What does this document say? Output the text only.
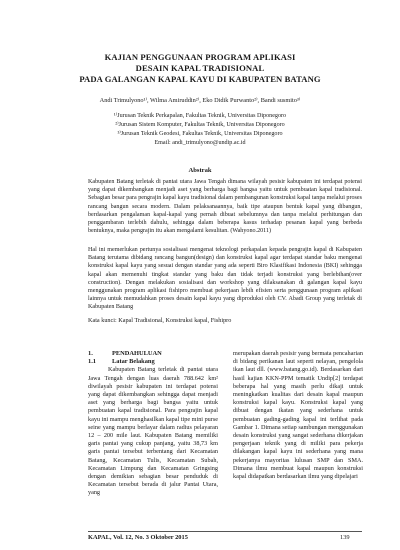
KAJIAN PENGGUNAAN PROGRAM APLIKASI
DESAIN KAPAL TRADISIONAL
PADA GALANGAN KAPAL KAYU DI KABUPATEN BATANG
Andi Trimulyono¹⁾, Wilma Amiruddin²⁾, Eko Didik Purwanto²⁾, Bandi susmito³⁾
¹⁾Jurusan Teknik Perkapalan, Fakultas Teknik, Universitas Diponegoro
²⁾Jurusan Sistem Komputer, Fakultas Teknik, Universitas Diponegoro
³⁾Jurusan Teknik Geodesi, Fakultas Teknik, Universitas Diponegoro
Email: andi_trimulyono@undip.ac.id
Abstrak
Kabupaten Batang terletak di pantai utara Jawa Tengah dimana wilayah pesisir kabupaten ini terdapat potensi yang dapat dikembangkan menjadi aset yang berharga bagi bangsa yaitu untuk pembuatan kapal tradisional. Sebagian besar para pengrajin kapal kayu tradisional dalam pembangunan konstruksi kapal tanpa melalui proses rancang bangun secara modern. Dalam pelaksanaannya, baik tipe ataupun bentuk kapal yang dibangun, berdasarkan pengalaman kapal-kapal yang pernah dibuat sebelumnya dan tanpa melalui perhitungan dan penggambaran terlebih dahulu, sehingga dalam beberapa kasus terhadap pesanan kapal yang berbeda bentuknya, maka pengrajin itu akan mengalami kesulitan. (Wahyono.2011)
Hal ini memerlukan pertunya sosialisasi mengenai teknologi perkapalan kepada pengrajin kapal di Kabupaten Batang terutama dibidang rancang bangun(design) dan konstruksi kapal agar terdapat standar baku mengenai konstruksi kapal kayu yang sesuai dengan standar yang ada seperti Biro Klasifikasi Indonesia (BKI) sehingga kapal akan memenuhi tingkat standar yang baku dan tidak terjadi konstruksi yang berlebihan(over construction). Dengan melakukan sosialisasi dan workshop yang dilaksanakan di galangan kapal kayu menggunakan program aplikasi fishipro membuat pekerjaan lebih efisien serta penggunaan program aplikasi lainnya untuk memudahkan proses desain kapal kayu yang diproduksi oleh CV. Abadi Group yang terletak di Kabupaten Batang
Kata kunci: Kapal Tradisional, Konstruksi kapal, Fishipro
1.	PENDAHULUAN
1.1	Latar Belakang

Kabupaten Batang terletak di pantai utara Jawa Tengah dengan luas daerah 788.642 km² diwilayah pesisir kabupaten ini terdapat potensi yang dapat dikembangkan sehingga dapat menjadi aset yang berharga bagi bangsa yaitu untuk pembuatan kapal tradisional. Para pengrajin kapal kayu ini mampu menghasilkan kapal tipe mini purse seine yang mampu berlayar dalam radius pelayaran 12 – 200 mile laut. Kabupaten Batang memiliki garis pantai yang cukup panjang, yaitu 38,73 km garis pantai tersebut terbentang dari Kecamatan Batang, Kecamatan Tulis, Kecamatan Subah, Kecamatan Limpung dan Kecamatan Gringsing dengan demikian sebagian besar penduduk di Kecamatan tersebut berada di jalur Pantai Utara, yang

merupakan daerah pesisir yang bermata pencaharian di bidang perikanan laut seperti nelayan, pengelola ikan laut dll. (www.batang.go.id). Berdasarkan dari hasil kajian KKN-PPM tematik Undip[2] terdapat beberapa hal yang masih perlu dikaji untuk meningkatkan kualitas dari desain kapal maupun konstruksi kapal kayu. Konstruksi kapal yang dibuat dengan ikatan yang sederhana untuk pembuatan gading-gading kapal ini terlihat pada Gambar 1. Dimana setiap sambungan menggunakan desain konstruksi yang sangat sederhana dikerjakan pengerjaan teknik yang di miliki para pekerja dilakangan kapal kayu ini sederhana yang mana pekerjanya mayoritas lulusan SMP dan SMA. Dimana ilmu membuat kapal maupun konstruksi kapal didapatkan berdasarkan ilmu yang dipelajari

KAPAL, Vol. 12, No. 3 Oktober 2015	139
